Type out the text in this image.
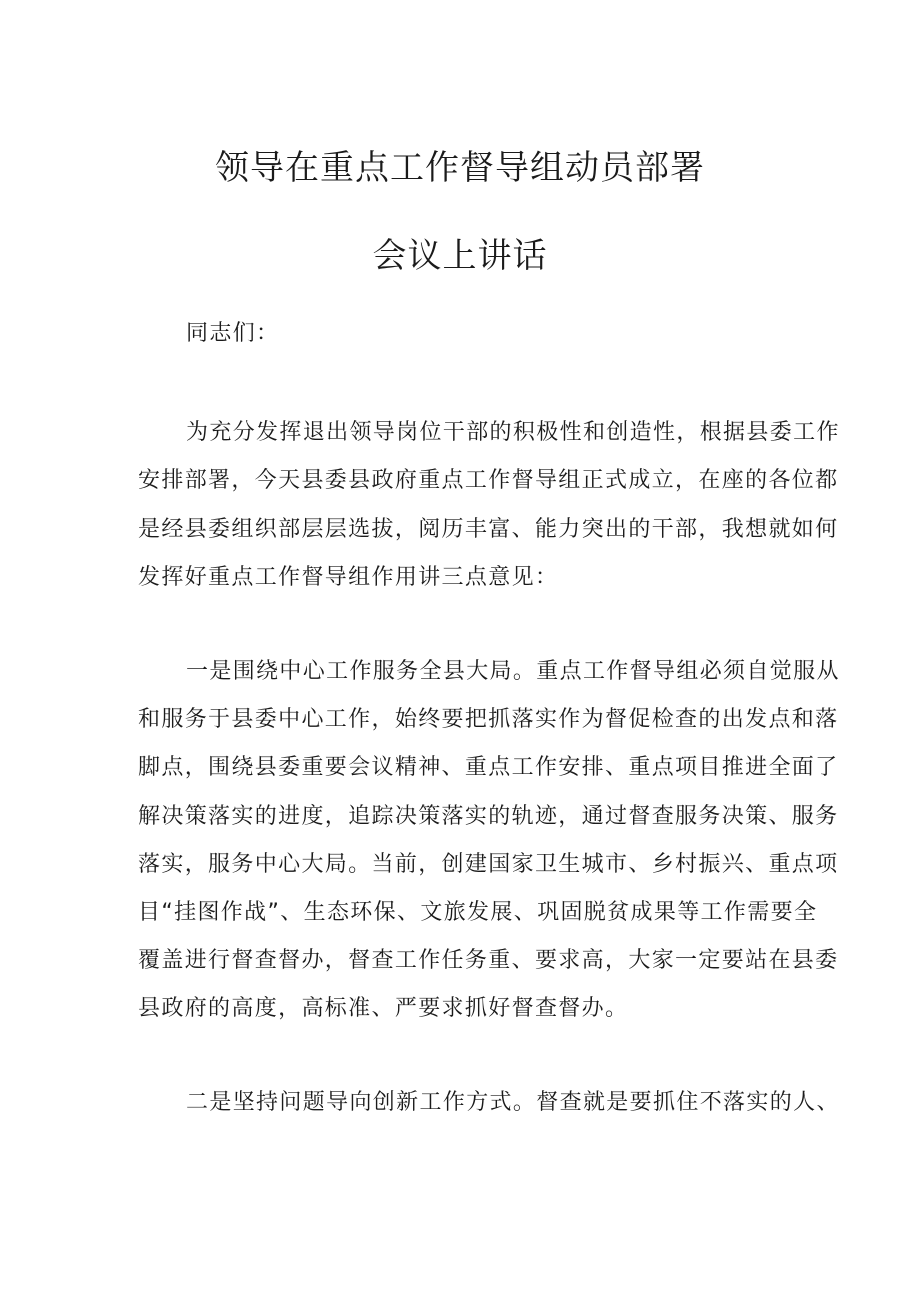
领导在重点工作督导组动员部署
会议上讲话

同志们：

为充分发挥退出领导岗位干部的积极性和创造性，根据县委工作

安排部署，今天县委县政府重点工作督导组正式成立，在座的各位都

是经县委组织部层层选拔，阅历丰富、能力突出的干部，我想就如何

发挥好重点工作督导组作用讲三点意见：

一是围绕中心工作服务全县大局。重点工作督导组必须自觉服从

和服务于县委中心工作，始终要把抓落实作为督促检查的出发点和落

脚点，围绕县委重要会议精神、重点工作安排、重点项目推进全面了

解决策落实的进度，追踪决策落实的轨迹，通过督查服务决策、服务

落实，服务中心大局。当前，创建国家卫生城市、乡村振兴、重点项

目“挂图作战”、生态环保、文旅发展、巩固脱贫成果等工作需要全

覆盖进行督查督办，督查工作任务重、要求高，大家一定要站在县委

县政府的高度，高标准、严要求抓好督查督办。

二是坚持问题导向创新工作方式。督查就是要抓住不落实的人、
